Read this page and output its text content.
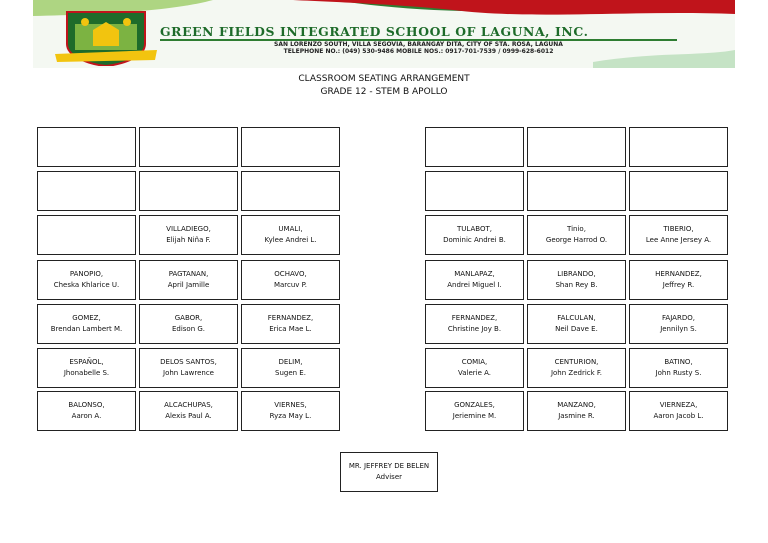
GREEN FIELDS INTEGRATED SCHOOL OF LAGUNA, INC.
SAN LORENZO SOUTH, VILLA SEGOVIA, BARANGAY DITA, CITY OF STA. ROSA, LAGUNA
TELEPHONE NO.: (049) 530-9486 MOBILE NOS.: 0917-701-7539 / 0999-628-6012
CLASSROOM SEATING ARRANGEMENT
GRADE 12 - STEM B APOLLO
VILLADIEGO,
Elijah Niña F.
UMALI,
Kylee Andrei L.
TULABOT,
Dominic Andrei B.
Tinio,
George Harrod O.
TIBERIO,
Lee Anne Jersey A.
PANOPIO,
Cheska Khlarice U.
PAGTANAN,
April Jamille
OCHAVO,
Marcuv P.
MANLAPAZ,
Andrei Miguel I.
LIBRANDO,
Shan Rey B.
HERNANDEZ,
Jeffrey R.
GOMEZ,
Brendan Lambert M.
GABOR,
Edison G.
FERNANDEZ,
Erica Mae L.
FERNANDEZ,
Christine Joy B.
FALCULAN,
Neil Dave E.
FAJARDO,
Jennilyn S.
ESPAÑOL,
Jhonabelle S.
DELOS SANTOS,
John Lawrence
DELIM,
Sugen E.
COMIA,
Valerie A.
CENTURION,
John Zedrick F.
BATINO,
John Rusty S.
BALONSO,
Aaron A.
ALCACHUPAS,
Alexis Paul A.
VIERNES,
Ryza May L.
GONZALES,
Jeriemine M.
MANZANO,
Jasmine R.
VIERNEZA,
Aaron Jacob L.
MR. JEFFREY DE BELEN
Adviser
